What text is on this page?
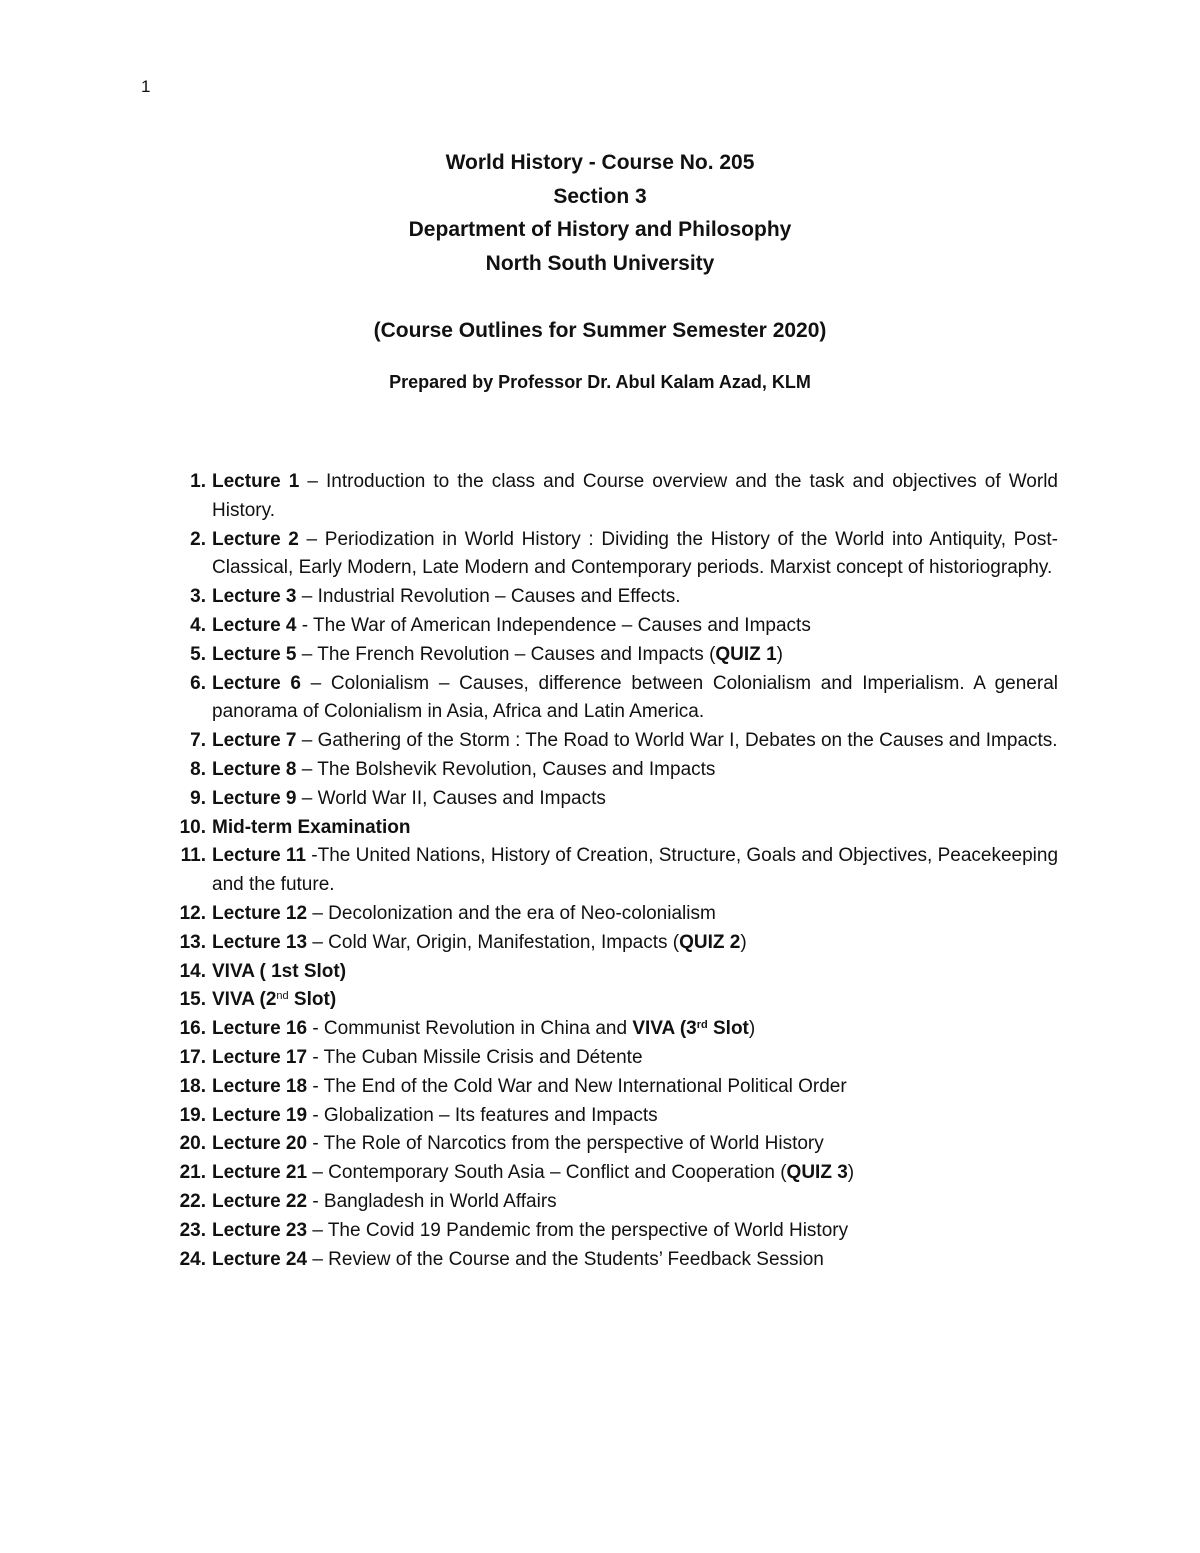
1
World History - Course No. 205
Section 3
Department of History and Philosophy
North South University
(Course Outlines for Summer Semester 2020)
Prepared by Professor Dr. Abul Kalam Azad, KLM
1. Lecture 1 – Introduction to the class and Course overview and the task and objectives of World History.
2. Lecture 2 – Periodization in World History : Dividing the History of the World into Antiquity, Post-Classical, Early Modern, Late Modern and Contemporary periods. Marxist concept of historiography.
3. Lecture 3 – Industrial Revolution – Causes and Effects.
4. Lecture 4 - The War of American Independence – Causes and Impacts
5. Lecture 5 – The French Revolution – Causes and Impacts (QUIZ 1)
6. Lecture 6 – Colonialism – Causes, difference between Colonialism and Imperialism. A general panorama of Colonialism in Asia, Africa and Latin America.
7. Lecture 7 – Gathering of the Storm : The Road to World War I, Debates on the Causes and Impacts.
8. Lecture 8 – The Bolshevik Revolution, Causes and Impacts
9. Lecture 9 – World War II, Causes and Impacts
10. Mid-term Examination
11. Lecture 11 -The United Nations, History of Creation, Structure, Goals and Objectives, Peacekeeping and the future.
12. Lecture 12 – Decolonization and the era of Neo-colonialism
13. Lecture 13 – Cold War, Origin, Manifestation, Impacts (QUIZ 2)
14. VIVA ( 1st Slot)
15. VIVA (2nd Slot)
16. Lecture 16 - Communist Revolution in China and VIVA (3rd Slot)
17. Lecture 17 - The Cuban Missile Crisis and Détente
18. Lecture 18 - The End of the Cold War and New International Political Order
19. Lecture 19 - Globalization – Its features and Impacts
20. Lecture 20 - The Role of Narcotics from the perspective of World History
21. Lecture 21 – Contemporary South Asia – Conflict and Cooperation (QUIZ 3)
22. Lecture 22 - Bangladesh in World Affairs
23. Lecture 23 – The Covid 19 Pandemic from the perspective of World History
24. Lecture 24 – Review of the Course and the Students’ Feedback Session
